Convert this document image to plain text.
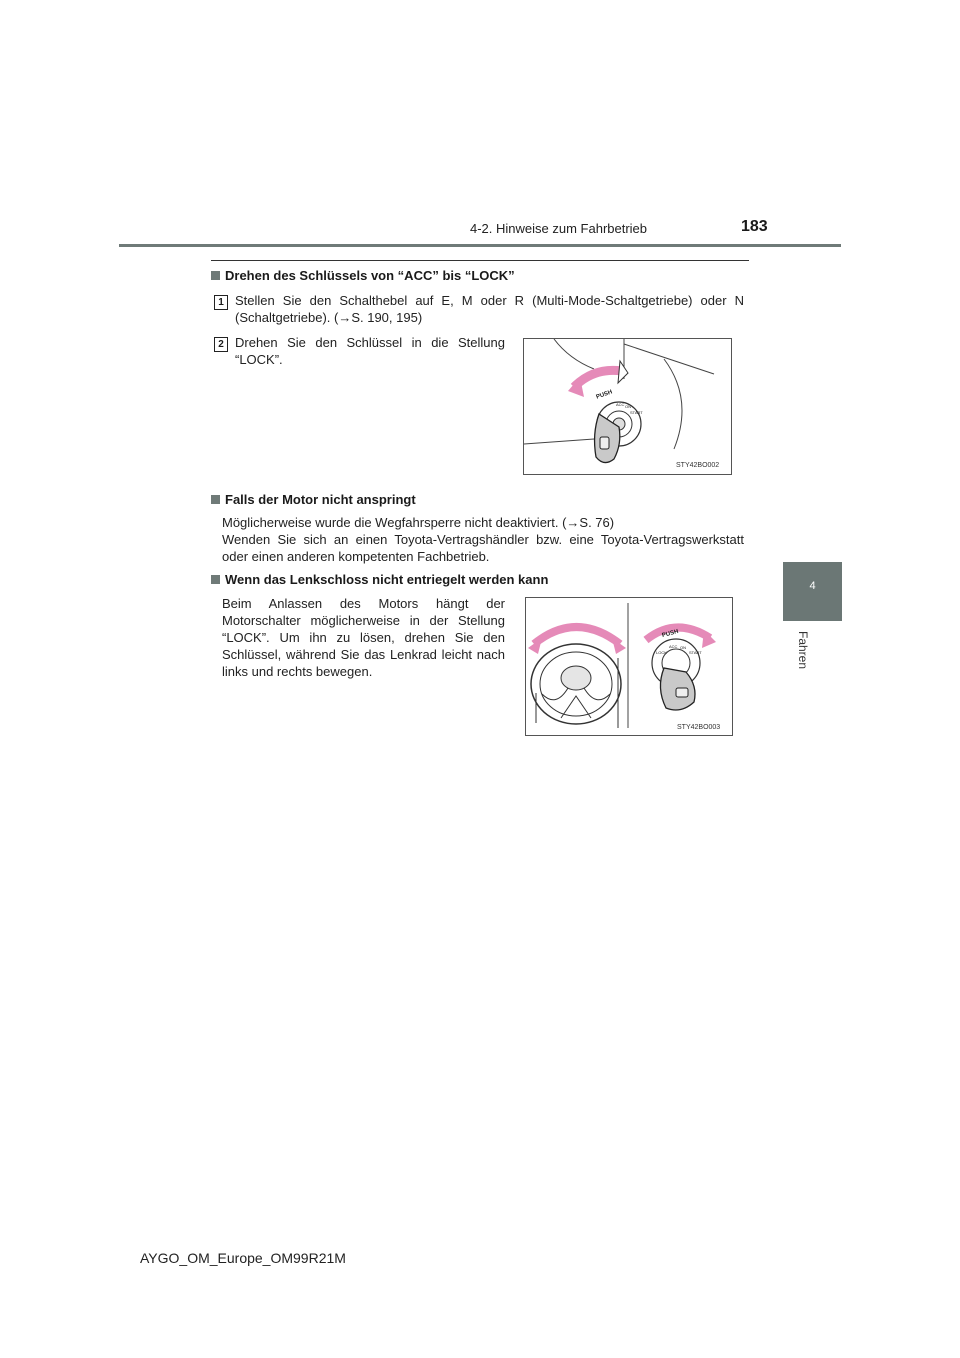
4-2. Hinweise zum Fahrbetrieb	183
4
Fahren
Drehen des Schlüssels von “ACC” bis “LOCK”
1 Stellen Sie den Schalthebel auf E, M oder R (Multi-Mode-Schaltgetriebe) oder N (Schaltgetriebe). (→S. 190, 195)
2 Drehen Sie den Schlüssel in die Stellung “LOCK”.
PUSH
ACC ON
START
STY42BO002
Falls der Motor nicht anspringt
Möglicherweise wurde die Wegfahrsperre nicht deaktiviert. (→S. 76)
Wenden Sie sich an einen Toyota-Vertragshändler bzw. eine Toyota-Vertragswerkstatt oder einen anderen kompetenten Fachbetrieb.
Wenn das Lenkschloss nicht entriegelt werden kann
Beim Anlassen des Motors hängt der Motorschalter möglicherweise in der Stellung “LOCK”. Um ihn zu lösen, drehen Sie den Schlüssel, während Sie das Lenkrad leicht nach links und rechts bewegen.
PUSH
LOCK
ACC ON
START
STY42BO003
AYGO_OM_Europe_OM99R21M
